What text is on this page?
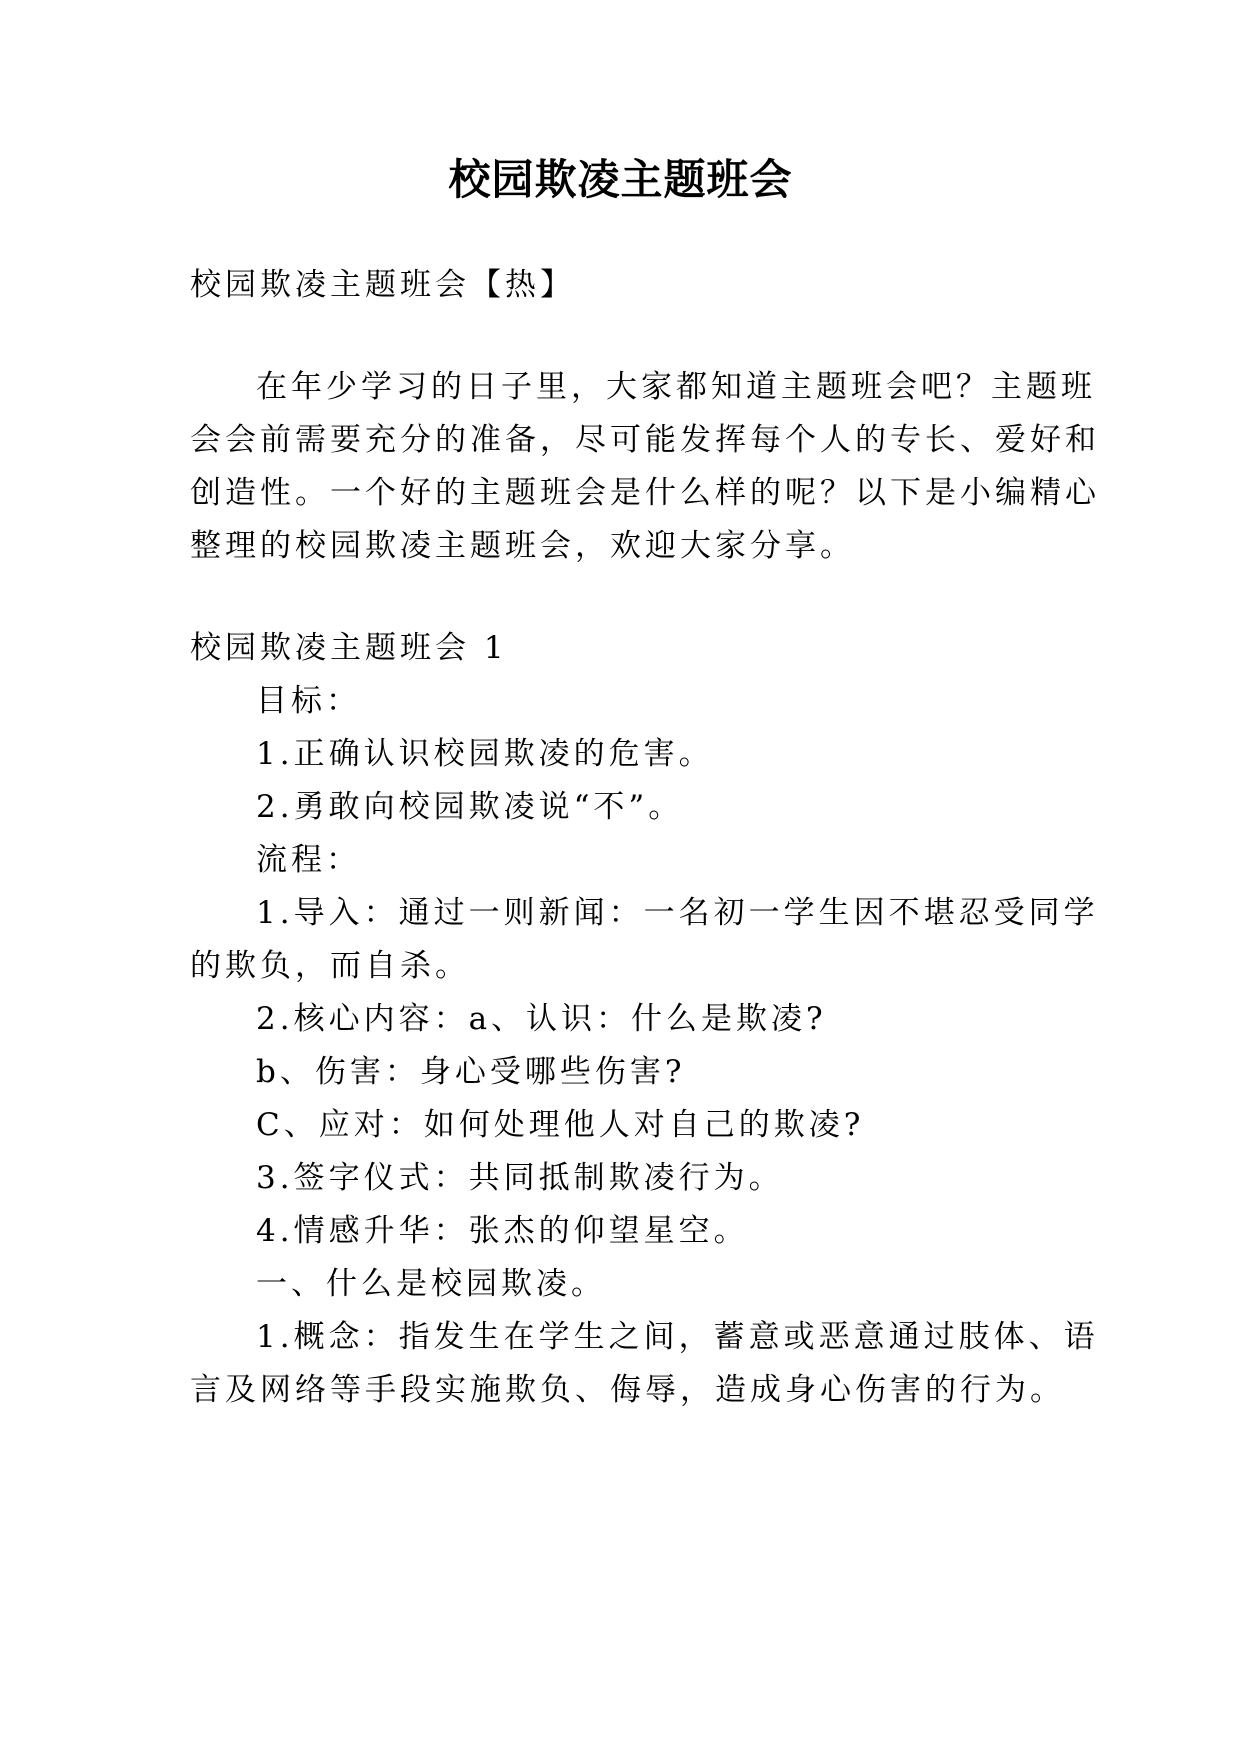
校园欺凌主题班会
校园欺凌主题班会【热】
在年少学习的日子里，大家都知道主题班会吧？主题班
会会前需要充分的准备，尽可能发挥每个人的专长、爱好和
创造性。一个好的主题班会是什么样的呢？以下是小编精心
整理的校园欺凌主题班会，欢迎大家分享。
校园欺凌主题班会 1
目标：
1.正确认识校园欺凌的危害。
2.勇敢向校园欺凌说“不”。
流程：
1.导入：通过一则新闻：一名初一学生因不堪忍受同学
的欺负，而自杀。
2.核心内容：a、认识：什么是欺凌?
b、伤害：身心受哪些伤害?
C、应对：如何处理他人对自己的欺凌?
3.签字仪式：共同抵制欺凌行为。
4.情感升华：张杰的仰望星空。
一、什么是校园欺凌。
1.概念：指发生在学生之间，蓄意或恶意通过肢体、语
言及网络等手段实施欺负、侮辱，造成身心伤害的行为。
